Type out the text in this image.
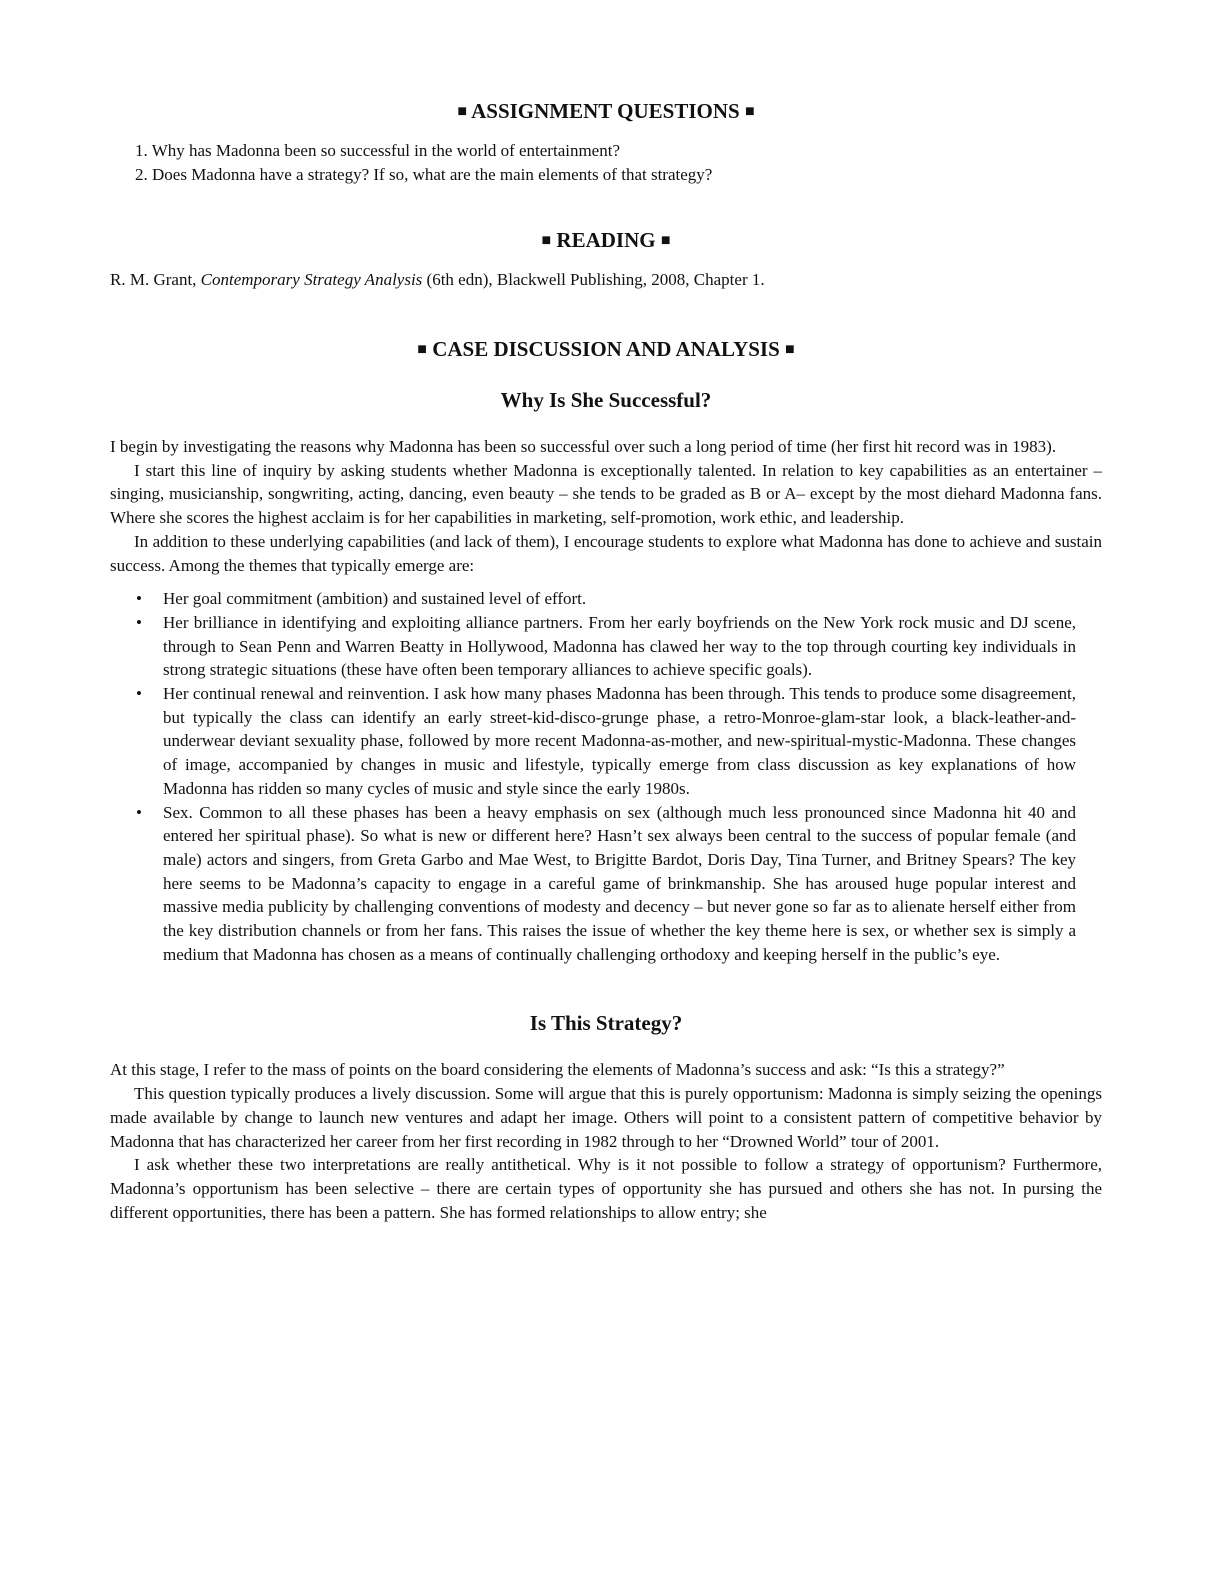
■ ASSIGNMENT QUESTIONS ■
1. Why has Madonna been so successful in the world of entertainment?
2. Does Madonna have a strategy? If so, what are the main elements of that strategy?
■ READING ■

R. M. Grant, Contemporary Strategy Analysis (6th edn), Blackwell Publishing, 2008, Chapter 1.

■ CASE DISCUSSION AND ANALYSIS ■
Why Is She Successful?

I begin by investigating the reasons why Madonna has been so successful over such a long period of time (her first hit record was in 1983).

I start this line of inquiry by asking students whether Madonna is exceptionally talented. In relation to key capabilities as an entertainer – singing, musicianship, songwriting, acting, dancing, even beauty – she tends to be graded as B or A– except by the most diehard Madonna fans. Where she scores the highest acclaim is for her capabilities in marketing, self-promotion, work ethic, and leadership.

In addition to these underlying capabilities (and lack of them), I encourage students to explore what Madonna has done to achieve and sustain success. Among the themes that typically emerge are:

• Her goal commitment (ambition) and sustained level of effort.
• Her brilliance in identifying and exploiting alliance partners. From her early boyfriends on the New York rock music and DJ scene, through to Sean Penn and Warren Beatty in Hollywood, Madonna has clawed her way to the top through courting key individuals in strong strategic situations (these have often been temporary alliances to achieve specific goals).
• Her continual renewal and reinvention. I ask how many phases Madonna has been through. This tends to produce some disagreement, but typically the class can identify an early street-kid-disco-grunge phase, a retro-Monroe-glam-star look, a black-leather-and-underwear deviant sexuality phase, followed by more recent Madonna-as-mother, and new-spiritual-mystic-Madonna. These changes of image, accompanied by changes in music and lifestyle, typically emerge from class discussion as key explanations of how Madonna has ridden so many cycles of music and style since the early 1980s.
• Sex. Common to all these phases has been a heavy emphasis on sex (although much less pronounced since Madonna hit 40 and entered her spiritual phase). So what is new or different here? Hasn’t sex always been central to the success of popular female (and male) actors and singers, from Greta Garbo and Mae West, to Brigitte Bardot, Doris Day, Tina Turner, and Britney Spears? The key here seems to be Madonna’s capacity to engage in a careful game of brinkmanship. She has aroused huge popular interest and massive media publicity by challenging conventions of modesty and decency – but never gone so far as to alienate herself either from the key distribution channels or from her fans. This raises the issue of whether the key theme here is sex, or whether sex is simply a medium that Madonna has chosen as a means of continually challenging orthodoxy and keeping herself in the public’s eye.
Is This Strategy?

At this stage, I refer to the mass of points on the board considering the elements of Madonna’s success and ask: “Is this a strategy?”

This question typically produces a lively discussion. Some will argue that this is purely opportunism: Madonna is simply seizing the openings made available by change to launch new ventures and adapt her image. Others will point to a consistent pattern of competitive behavior by Madonna that has characterized her career from her first recording in 1982 through to her “Drowned World” tour of 2001.

I ask whether these two interpretations are really antithetical. Why is it not possible to follow a strategy of opportunism? Furthermore, Madonna’s opportunism has been selective – there are certain types of opportunity she has pursued and others she has not. In pursing the different opportunities, there has been a pattern. She has formed relationships to allow entry; she
